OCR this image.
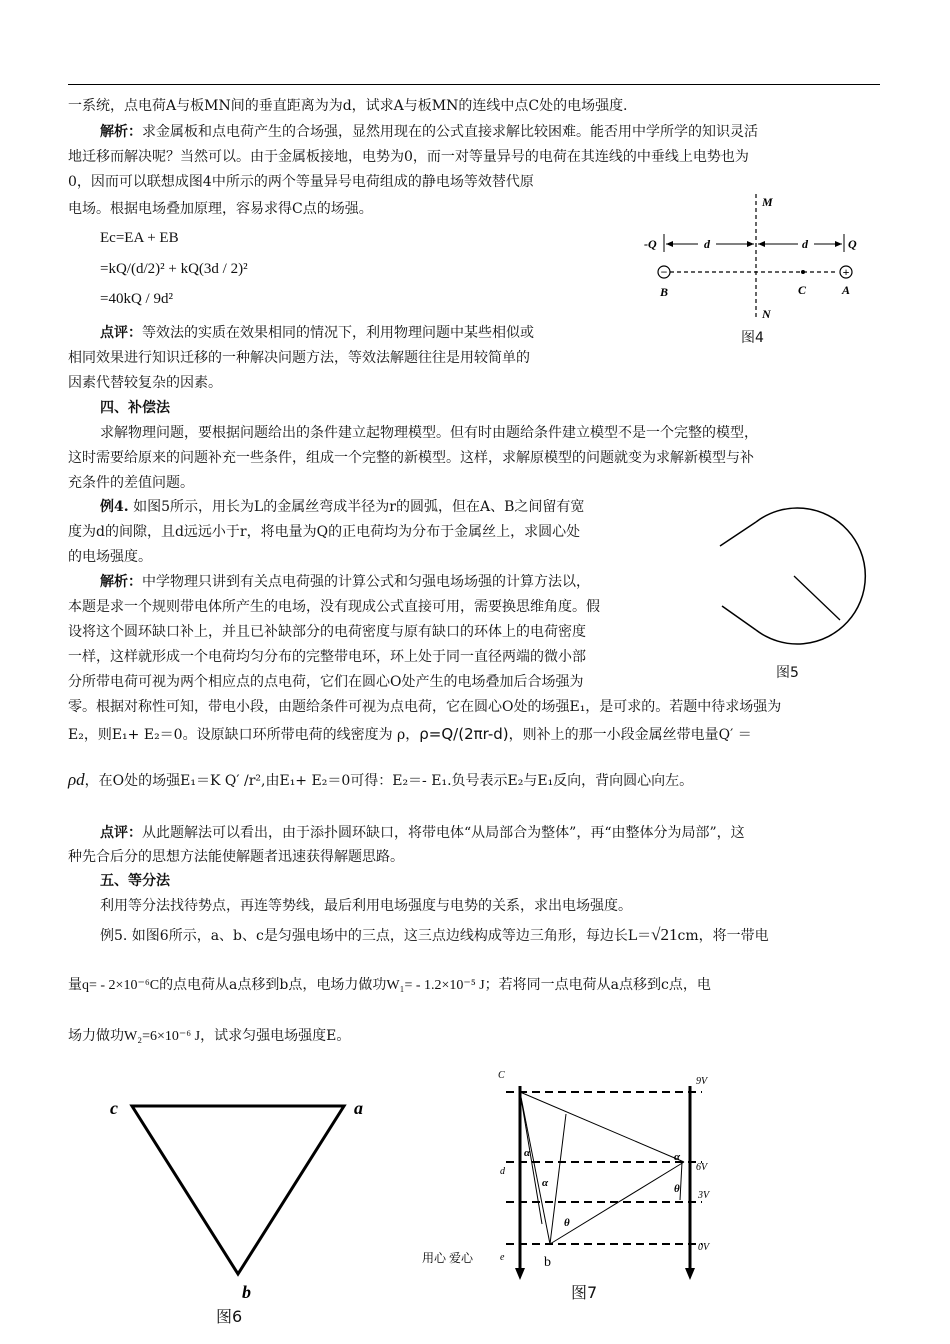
一系统，点电荷A与板MN间的垂直距离为为d，试求A与板MN的连线中点C处的电场强度.
解析：求金属板和点电荷产生的合场强，显然用现在的公式直接求解比较困难。能否用中学所学的知识灵活
地迁移而解决呢？当然可以。由于金属板接地，电势为0，而一对等量异号的电荷在其连线的中垂线上电势也为
0，因而可以联想成图4中所示的两个等量异号电荷组成的静电场等效替代原
电场。根据电场叠加原理，容易求得C点的场强。
Ec=EA + EB
=kQ/(d/2)² + kQ(3d / 2)²
=40kQ / 9d²
点评：等效法的实质在效果相同的情况下，利用物理问题中某些相似或
相同效果进行知识迁移的一种解决问题方法，等效法解题往往是用较简单的
因素代替较复杂的因素。
四、补偿法
求解物理问题，要根据问题给出的条件建立起物理模型。但有时由题给条件建立模型不是一个完整的模型，
这时需要给原来的问题补充一些条件，组成一个完整的新模型。这样，求解原模型的问题就变为求解新模型与补
充条件的差值问题。
例4. 如图5所示，用长为L的金属丝弯成半径为r的圆弧，但在A、B之间留有宽
度为d的间隙，且d远远小于r，将电量为Q的正电荷均为分布于金属丝上，求圆心处
的电场强度。
解析：中学物理只讲到有关点电荷强的计算公式和匀强电场场强的计算方法以，
本题是求一个规则带电体所产生的电场，没有现成公式直接可用，需要换思维角度。假
设将这个圆环缺口补上，并且已补缺部分的电荷密度与原有缺口的环体上的电荷密度
一样，这样就形成一个电荷均匀分布的完整带电环，环上处于同一直径两端的微小部
分所带电荷可视为两个相应点的点电荷，它们在圆心O处产生的电场叠加后合场强为
零。根据对称性可知，带电小段，由题给条件可视为点电荷，它在圆心O处的场强E₁，是可求的。若题中待求场强为
E₂，则E₁+ E₂＝0。设原缺口环所带电荷的线密度为 ρ，ρ=Q/(2πr-d)，则补上的那一小段金属丝带电量Q′ ＝
ρd，在O处的场强E₁＝K Q′ /r²,由E₁+ E₂＝0可得：E₂＝- E₁.负号表示E₂与E₁反向，背向圆心向左。
点评：从此题解法可以看出，由于添扑圆环缺口，将带电体“从局部合为整体”，再“由整体分为局部”，这
种先合后分的思想方法能使解题者迅速获得解题思路。
五、等分法
利用等分法找待势点，再连等势线，最后利用电场强度与电势的关系，求出电场强度。
例5. 如图6所示，a、b、c是匀强电场中的三点，这三点边线构成等边三角形，每边长L＝√21cm，将一带电
量q= - 2×10⁻⁶C的点电荷从a点移到b点，电场力做功W₁= - 1.2×10⁻⁵ J；若将同一点电荷从a点移到c点，电
场力做功W₂=6×10⁻⁶ J，试求匀强电场强度E。
M
N
-Q	Q
d	d
−	+
B	C	A
图4
图5
c	a
b
图6
C
9V
6V
3V
0V
d
e
α
α
α
θ
θ
b
用心 爱心
图7
